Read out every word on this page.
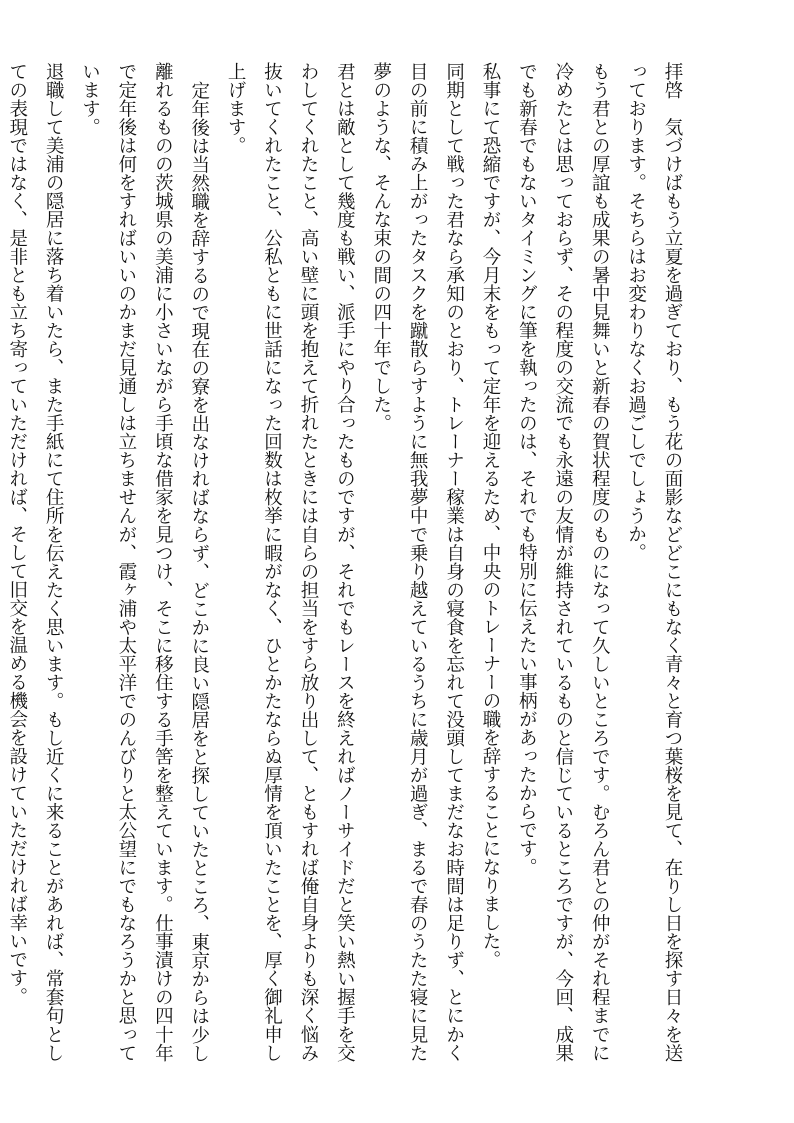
拝啓　気づけばもう立夏を過ぎており、もう花の面影などどこにもなく青々と育つ葉桜を見て、在りし日を探す日々を送っております。そちらはお変わりなくお過ごしでしょうか。

もう君との厚誼も成果の暑中見舞いと新春の賀状程度のものになって久しいところです。むろん君との仲がそれ程までに冷めたとは思っておらず、その程度の交流でも永遠の友情が維持されているものと信じているところですが、今回、成果でも新春でもないタイミングに筆を執ったのは、それでも特別に伝えたい事柄があったからです。

私事にて恐縮ですが、今月末をもって定年を迎えるため、中央のトレーナーの職を辞することになりました。

同期として戦った君なら承知のとおり、トレーナー稼業は自身の寝食を忘れて没頭してまだなお時間は足りず、とにかく目の前に積み上がったタスクを蹴散らすように無我夢中で乗り越えているうちに歳月が過ぎ、まるで春のうたた寝に見た夢のような、そんな束の間の四十年でした。

君とは敵として幾度も戦い、派手にやり合ったものですが、それでもレースを終えればノーサイドだと笑い熱い握手を交わしてくれたこと、高い壁に頭を抱えて折れたときには自らの担当をすら放り出して、ともすれば俺自身よりも深く悩み抜いてくれたこと、公私ともに世話になった回数は枚挙に暇がなく、ひとかたならぬ厚情を頂いたことを、厚く御礼申し上げます。

定年後は当然職を辞するので現在の寮を出なければならず、どこかに良い隠居をと探していたところ、東京からは少し離れるものの茨城県の美浦に小さいながら手頃な借家を見つけ、そこに移住する手筈を整えています。仕事漬けの四十年で定年後は何をすればいいのかまだ見通しは立ちませんが、霞ヶ浦や太平洋でのんびりと太公望にでもなろうかと思っています。

退職して美浦の隠居に落ち着いたら、また手紙にて住所を伝えたく思います。もし近くに来ることがあれば、常套句としての表現ではなく、是非とも立ち寄っていただければ、そして旧交を温める機会を設けていただければ幸いです。
